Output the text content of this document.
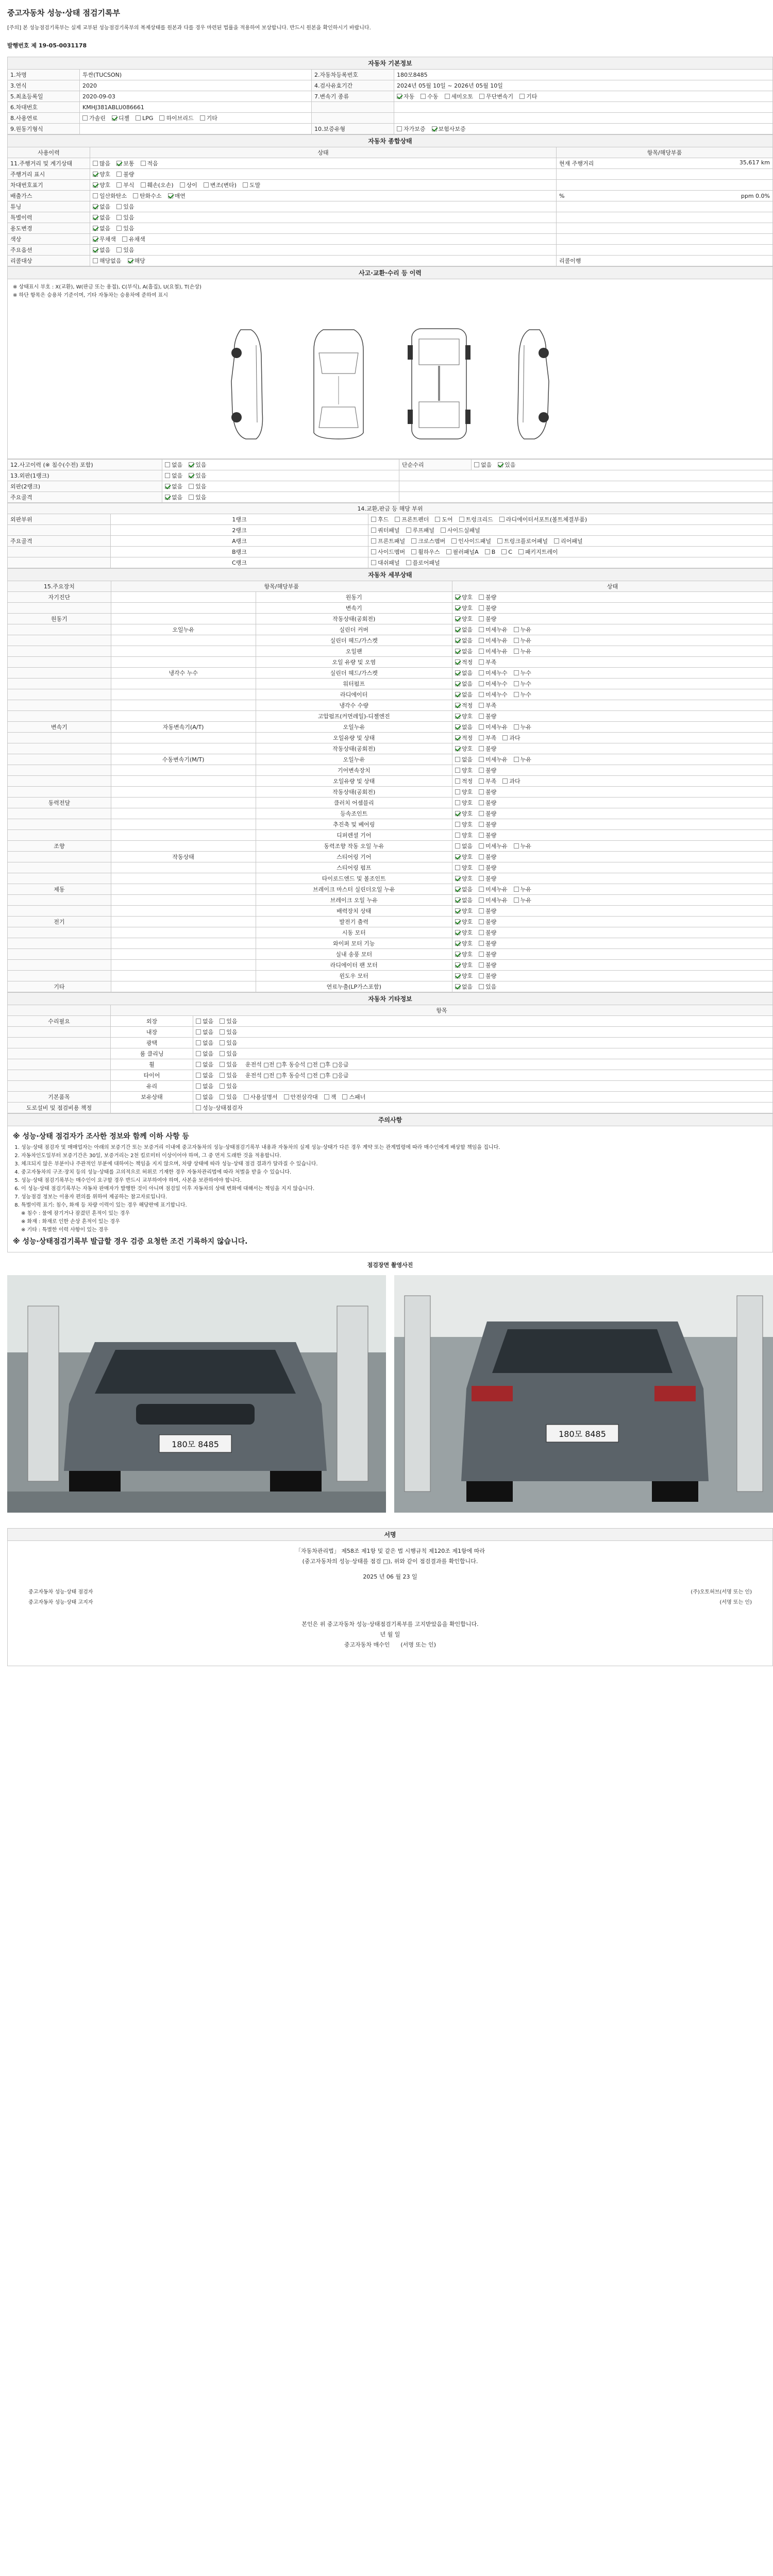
중고자동차 성능·상태 점검기록부
[주의] 본 성능점검기록부는 실제 교부된 성능점검기록부의 복제상태를 원본과 다를 경우 마련된 법률을 적용하여 보상합니다. 반드시 원본을 확인하시기 바랍니다.
발행번호 제 19-05-0031178
자동차 기본정보			
1.차명	투싼(TUCSON)	2.자동차등록번호	180모8485
3.연식	2020	4.검사유효기간	2024년 05월 10일 ~ 2026년 05월 10일
5.최초등록일	2020-09-03	7.변속기 종류	자동 수동 세미오토 무단변속기 기타
6.차대번호	KMHJ381ABLU086661		
8.사용연료	가솔린 디젤 LPG 하이브리드 기타		
9.원동기형식		10.보증유형	자가보증 보험사보증
자동차 종합상태		
사용이력	상태	항목/해당부품
11.주행거리 및 계기상태	많음 보통 적음	현재 주행거리 35,617 km

주행거리 표시	양호 불량	

차대번호표기	양호 부식 훼손(오손) 상이 변조(변타) 도말	

배출가스	일산화탄소 탄화수소 매연	% ppm 0.0%

튜닝	없음 있음	

특별이력	없음 있음	

용도변경	없음 있음	

색상	무채색 유채색	

주요옵션	없음 있음	

리콜대상	해당없음 해당	리콜이행
사고·교환·수리 등 이력
※ 상태표시 부호 : X(교환), W(판금 또는 용접), C(부식), A(흠집), U(요철), T(손상)
※ 하단 항목은 승용차 기준이며, 기타 자동차는 승용차에 준하여 표시
12.사고이력 (※ 침수(수전) 포함)	없음 있음	단순수리	없음 있음
13.외판(1랭크)	없음 있음		
외판(2랭크)	없음 있음		
주요골격	없음 있음		
14.교환,판금 등 해당 부위		
외판부위	1랭크	후드 프론트펜더 도어 트렁크리드 라디에이터서포트(볼트체결부품)
	2랭크	쿼터패널 루프패널 사이드실패널
주요골격	A랭크	프론트패널 크로스멤버 인사이드패널 트렁크플로어패널 리어패널
	B랭크	사이드멤버 휠하우스 필러패널A B C 패키지트레이
	C랭크	대쉬패널 플로어패널
자동차 세부상태			
15.주요장치	항목/해당부품		상태
자기진단		원동기	양호 불량
		변속기	양호 불량
원동기		작동상태(공회전)	양호 불량
	오일누유	실린더 커버	없음 미세누유 누유
		실린더 헤드/가스켓	없음 미세누유 누유
		오일팬	없음 미세누유 누유
		오일 유량 및 오염	적정 부족
	냉각수 누수	실린더 헤드/가스켓	없음 미세누수 누수
		워터펌프	없음 미세누수 누수
		라디에이터	없음 미세누수 누수
		냉각수 수량	적정 부족
		고압펌프(커먼레일)-디젤엔진	양호 불량
변속기	자동변속기(A/T)	오일누유	없음 미세누유 누유
		오일유량 및 상태	적정 부족 과다
		작동상태(공회전)	양호 불량
	수동변속기(M/T)	오일누유	없음 미세누유 누유
		기어변속장치	양호 불량
		오일유량 및 상태	적정 부족 과다
		작동상태(공회전)	양호 불량
동력전달		클러치 어셈블리	양호 불량
		등속조인트	양호 불량
		추진축 및 베어링	양호 불량
		디퍼렌셜 기어	양호 불량
조향		동력조향 작동 오일 누유	없음 미세누유 누유
	작동상태	스티어링 기어	양호 불량
		스티어링 펌프	양호 불량
		타이로드엔드 및 볼조인트	양호 불량
제동		브레이크 마스터 실린더오일 누유	없음 미세누유 누유
		브레이크 오일 누유	없음 미세누유 누유
		배력장치 상태	양호 불량
전기		발전기 출력	양호 불량
		시동 모터	양호 불량
		와이퍼 모터 기능	양호 불량
		실내 송풍 모터	양호 불량
		라디에이터 팬 모터	양호 불량
		윈도우 모터	양호 불량
기타		연료누출(LP가스포함)	없음 있음
자동차 기타정보		
	항목	
수리필요	외장	없음 있음
	내장	없음 있음
	광택	없음 있음
	룸 클리닝	없음 있음
	휠	없음 있음 운전석 □전 □후 동승석 □전 □후 □응급
	타이어	없음 있음 운전석 □전 □후 동승석 □전 □후 □응급
	유리	없음 있음
기본품목	보유상태	없음 있음 사용설명서 안전삼각대 잭 스패너
도로설비 및 점검비용 책정		성능·상태점검자
주의사항
※ 성능·상태 점검자가 조사한 정보와 함께 이하 사항 등
1. 성능·상태 점검자 및 매매업자는 아래의 보증기간 또는 보증거리 이내에 중고자동차의 성능·상태점검기록부 내용과 자동차의 실제 성능·상태가 다른 경우 계약 또는 관계법령에 따라 매수인에게 배상할 책임을 집니다.
2. 자동차인도일부터 보증기간은 30일, 보증거리는 2천 킬로미터 이상이어야 하며, 그 중 먼저 도래한 것을 적용합니다.
3. 체크되지 않은 부분이나 주관적인 부분에 대하여는 책임을 지지 않으며, 차량 상태에 따라 성능·상태 점검 결과가 달라질 수 있습니다.
4. 중고자동차의 구조·장치 등의 성능·상태를 고의적으로 허위로 기재한 경우 자동차관리법에 따라 처벌을 받을 수 있습니다.
5. 성능·상태 점검기록부는 매수인이 요구할 경우 반드시 교부하여야 하며, 사본을 보관하여야 합니다.
6. 이 성능·상태 점검기록부는 자동차 판매자가 발행한 것이 아니며 점검일 이후 자동차의 상태 변화에 대해서는 책임을 지지 않습니다.
7. 성능점검 정보는 이용자 편의를 위하여 제공하는 참고자료입니다.
8. 특별이력 표기: 침수, 화재 등 차량 이력이 있는 경우 해당란에 표기합니다.
※ 침수 : 물에 잠기거나 잠겼던 흔적이 있는 경우
※ 화재 : 화재로 인한 손상 흔적이 있는 경우
※ 기타 : 특별한 이력 사항이 있는 경우
※ 성능·상태점검기록부 발급할 경우 검증 요청한 조건 기록하지 않습니다.
점검장면 촬영사진
180모 8485
180모 8485
서명
「자동차관리법」 제58조 제1항 및 같은 법 시행규칙 제120조 제1항에 따라
(중고자동차의 성능·상태를 점검 □), 위와 같이 점검결과를 확인합니다.
2025 년 06 월 23 일
중고자동차 성능·상태 점검자	(주)오토허브(서명 또는 인)
중고자동차 성능·상태 고지자	(서명 또는 인)
본인은 위 중고자동차 성능·상태점검기록부를 고지받았음을 확인합니다.
년 월 일
중고자동차 매수인 (서명 또는 인)
